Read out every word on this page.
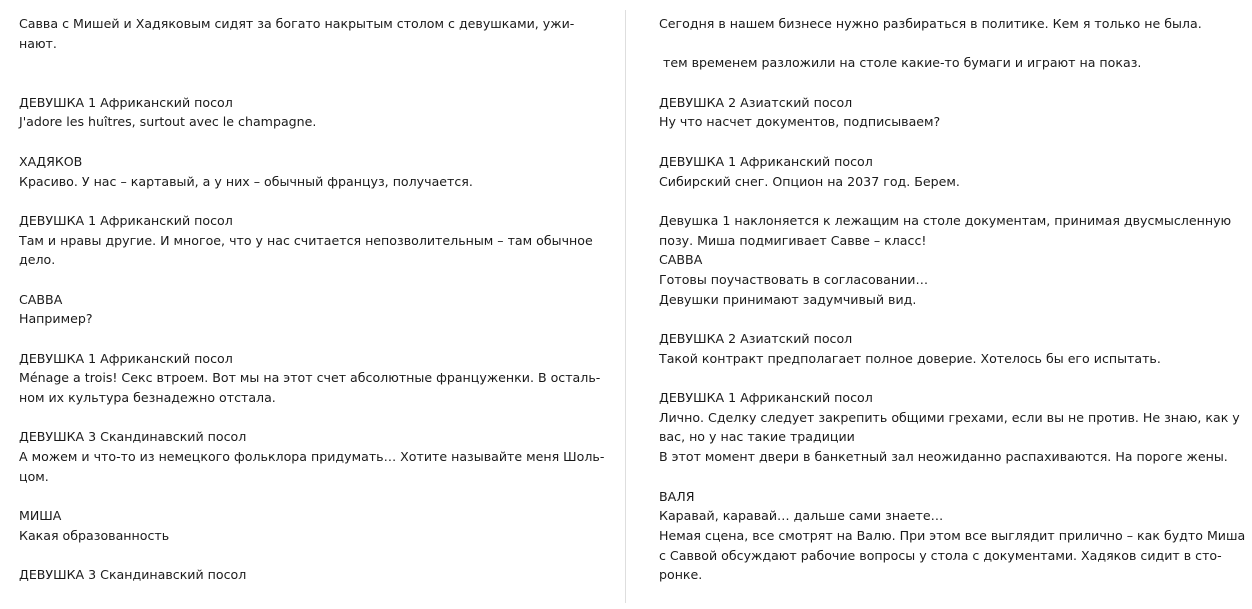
Савва с Мишей и Хадяковым сидят за богато накрытым столом с девушками, ужи-
нают.
ДЕВУШКА 1 Африканский посол
J'adore les huîtres, surtout avec le champagne.
ХАДЯКОВ
Красиво. У нас – картавый, а у них – обычный француз, получается.
ДЕВУШКА 1 Африканский посол
Там и нравы другие. И многое, что у нас считается непозволительным – там обычное
дело.
САВВА
Например?
ДЕВУШКА 1 Африканский посол
Ménage a trois! Секс втроем. Вот мы на этот счет абсолютные француженки. В осталь-
ном их культура безнадежно отстала.
ДЕВУШКА 3 Скандинавский посол
А можем и что-то из немецкого фольклора придумать… Хотите называйте меня Шоль-
цом.
МИША
Какая образованность
ДЕВУШКА 3 Скандинавский посол
Сегодня в нашем бизнесе нужно разбираться в политике. Кем я только не была.
тем временем разложили на столе какие-то бумаги и играют на показ.
ДЕВУШКА 2 Азиатский посол
Ну что насчет документов, подписываем?
ДЕВУШКА 1 Африканский посол
Сибирский снег. Опцион на 2037 год. Берем.
Девушка 1 наклоняется к лежащим на столе документам, принимая двусмысленную
позу. Миша подмигивает Савве – класс!
САВВА
Готовы поучаствовать в согласовании…
Девушки принимают задумчивый вид.
ДЕВУШКА 2 Азиатский посол
Такой контракт предполагает полное доверие. Хотелось бы его испытать.
ДЕВУШКА 1 Африканский посол
Лично. Сделку следует закрепить общими грехами, если вы не против. Не знаю, как у
вас, но у нас такие традиции
В этот момент двери в банкетный зал неожиданно распахиваются. На пороге жены.
ВАЛЯ
Каравай, каравай… дальше сами знаете…
Немая сцена, все смотрят на Валю. При этом все выглядит прилично – как будто Миша
с Саввой обсуждают рабочие вопросы у стола с документами. Хадяков сидит в сто-
ронке.
